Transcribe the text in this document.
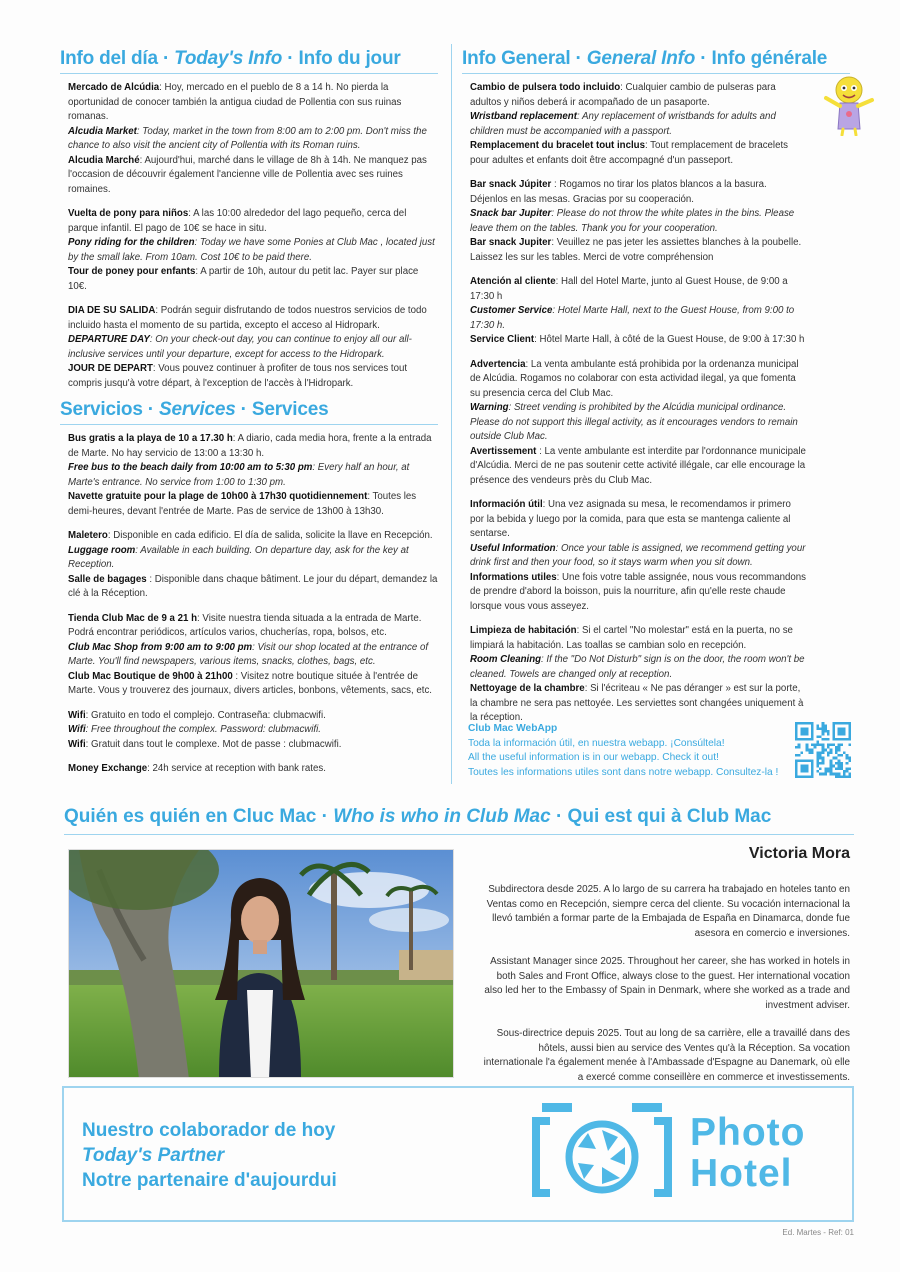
Info del día · Today's Info · Info du jour

Mercado de Alcúdia: Hoy, mercado en el pueblo de 8 a 14 h. No pierda la oportunidad de conocer también la antigua ciudad de Pollentia con sus ruinas romanas.

Alcudia Market: Today, market in the town from 8:00 am to 2:00 pm. Don't miss the chance to also visit the ancient city of Pollentia with its Roman ruins.

Alcudia Marché: Aujourd'hui, marché dans le village de 8h à 14h. Ne manquez pas l'occasion de découvrir également l'ancienne ville de Pollentia avec ses ruines romaines.

Vuelta de pony para niños: A las 10:00 alrededor del lago pequeño, cerca del parque infantil. El pago de 10€ se hace in situ.

Pony riding for the children: Today we have some Ponies at Club Mac , located just by the small lake. From 10am. Cost 10€ to be paid there.

Tour de poney pour enfants: A partir de 10h, autour du petit lac. Payer sur place 10€.

DIA DE SU SALIDA: Podrán seguir disfrutando de todos nuestros servicios de todo incluido hasta el momento de su partida, excepto el acceso al Hidropark.

DEPARTURE DAY: On your check-out day, you can continue to enjoy all our all-inclusive services until your departure, except for access to the Hidropark.

JOUR DE DEPART: Vous pouvez continuer à profiter de tous nos services tout compris jusqu'à votre départ, à l'exception de l'accès à l'Hidropark.

Servicios · Services · Services

Bus gratis a la playa de 10 a 17.30 h: A diario, cada media hora, frente a la entrada de Marte. No hay servicio de 13:00 a 13:30 h.

Free bus to the beach daily from 10:00 am to 5:30 pm: Every half an hour, at Marte's entrance. No service from 1:00 to 1:30 pm.

Navette gratuite pour la plage de 10h00 à 17h30 quotidiennement: Toutes les demi-heures, devant l'entrée de Marte. Pas de service de 13h00 à 13h30.

Maletero: Disponible en cada edificio. El día de salida, solicite la llave en Recepción.

Luggage room: Available in each building. On departure day, ask for the key at Reception.

Salle de bagages : Disponible dans chaque bâtiment. Le jour du départ, demandez la clé à la Réception.

Tienda Club Mac de 9 a 21 h: Visite nuestra tienda situada a la entrada de Marte. Podrá encontrar periódicos, artículos varios, chucherías, ropa, bolsos, etc.

Club Mac Shop from 9:00 am to 9:00 pm: Visit our shop located at the entrance of Marte. You'll find newspapers, various items, snacks, clothes, bags, etc.

Club Mac Boutique de 9h00 à 21h00 : Visitez notre boutique située à l'entrée de Marte. Vous y trouverez des journaux, divers articles, bonbons, vêtements, sacs, etc.

Wifi: Gratuito en todo el complejo. Contraseña: clubmacwifi.

Wifi: Free throughout the complex. Password: clubmacwifi.

Wifi: Gratuit dans tout le complexe. Mot de passe : clubmacwifi.

Money Exchange: 24h service at reception with bank rates.

Info General · General Info · Info générale

Cambio de pulsera todo incluido: Cualquier cambio de pulseras para adultos y niños deberá ir acompañado de un pasaporte.

Wristband replacement: Any replacement of wristbands for adults and children must be accompanied with a passport.

Remplacement du bracelet tout inclus: Tout remplacement de bracelets pour adultes et enfants doit être accompagné d'un passeport.

Bar snack Júpiter : Rogamos no tirar los platos blancos a la basura. Déjenlos en las mesas. Gracias por su cooperación.

Snack bar Jupiter: Please do not throw the white plates in the bins. Please leave them on the tables. Thank you for your cooperation.

Bar snack Jupiter: Veuillez ne pas jeter les assiettes blanches à la poubelle. Laissez les sur les tables. Merci de votre compréhension

Atención al cliente: Hall del Hotel Marte, junto al Guest House, de 9:00 a 17:30 h

Customer Service: Hotel Marte Hall, next to the Guest House, from 9:00 to 17:30 h.

Service Client: Hôtel Marte Hall, à côté de la Guest House, de 9:00 à 17:30 h

Advertencia: La venta ambulante está prohibida por la ordenanza municipal de Alcúdia. Rogamos no colaborar con esta actividad ilegal, ya que fomenta su presencia cerca del Club Mac.

Warning: Street vending is prohibited by the Alcúdia municipal ordinance. Please do not support this illegal activity, as it encourages vendors to remain outside Club Mac.

Avertissement : La vente ambulante est interdite par l'ordonnance municipale d'Alcúdia. Merci de ne pas soutenir cette activité illégale, car elle encourage la présence des vendeurs près du Club Mac.

Información útil: Una vez asignada su mesa, le recomendamos ir primero por la bebida y luego por la comida, para que esta se mantenga caliente al sentarse.

Useful Information: Once your table is assigned, we recommend getting your drink first and then your food, so it stays warm when you sit down.

Informations utiles: Une fois votre table assignée, nous vous recommandons de prendre d'abord la boisson, puis la nourriture, afin qu'elle reste chaude lorsque vous vous asseyez.

Limpieza de habitación: Si el cartel "No molestar" está en la puerta, no se limpiará la habitación. Las toallas se cambian solo en recepción.

Room Cleaning: If the "Do Not Disturb" sign is on the door, the room won't be cleaned. Towels are changed only at reception.

Nettoyage de la chambre: Si l'écriteau « Ne pas déranger » est sur la porte, la chambre ne sera pas nettoyée. Les serviettes sont changées uniquement à la réception.

Club Mac WebApp
Toda la información útil, en nuestra webapp. ¡Consúltela!
All the useful information is in our webapp. Check it out!
Toutes les informations utiles sont dans notre webapp. Consultez-la !
Quién es quién en Cluc Mac · Who is who in Club Mac · Qui est qui à Club Mac
Victoria Mora

Subdirectora desde 2025. A lo largo de su carrera ha trabajado en hoteles tanto en Ventas como en Recepción, siempre cerca del cliente. Su vocación internacional la llevó también a formar parte de la Embajada de España en Dinamarca, donde fue asesora en comercio e inversiones.

Assistant Manager since 2025. Throughout her career, she has worked in hotels in both Sales and Front Office, always close to the guest. Her international vocation also led her to the Embassy of Spain in Denmark, where she worked as a trade and investment adviser.

Sous-directrice depuis 2025. Tout au long de sa carrière, elle a travaillé dans des hôtels, aussi bien au service des Ventes qu'à la Réception. Sa vocation internationale l'a également menée à l'Ambassade d'Espagne au Danemark, où elle a exercé comme conseillère en commerce et investissements.

Nuestro colaborador de hoy
Today's Partner
Notre partenaire d'aujourdui
Photo
Hotel
Ed. Martes - Ref: 01
